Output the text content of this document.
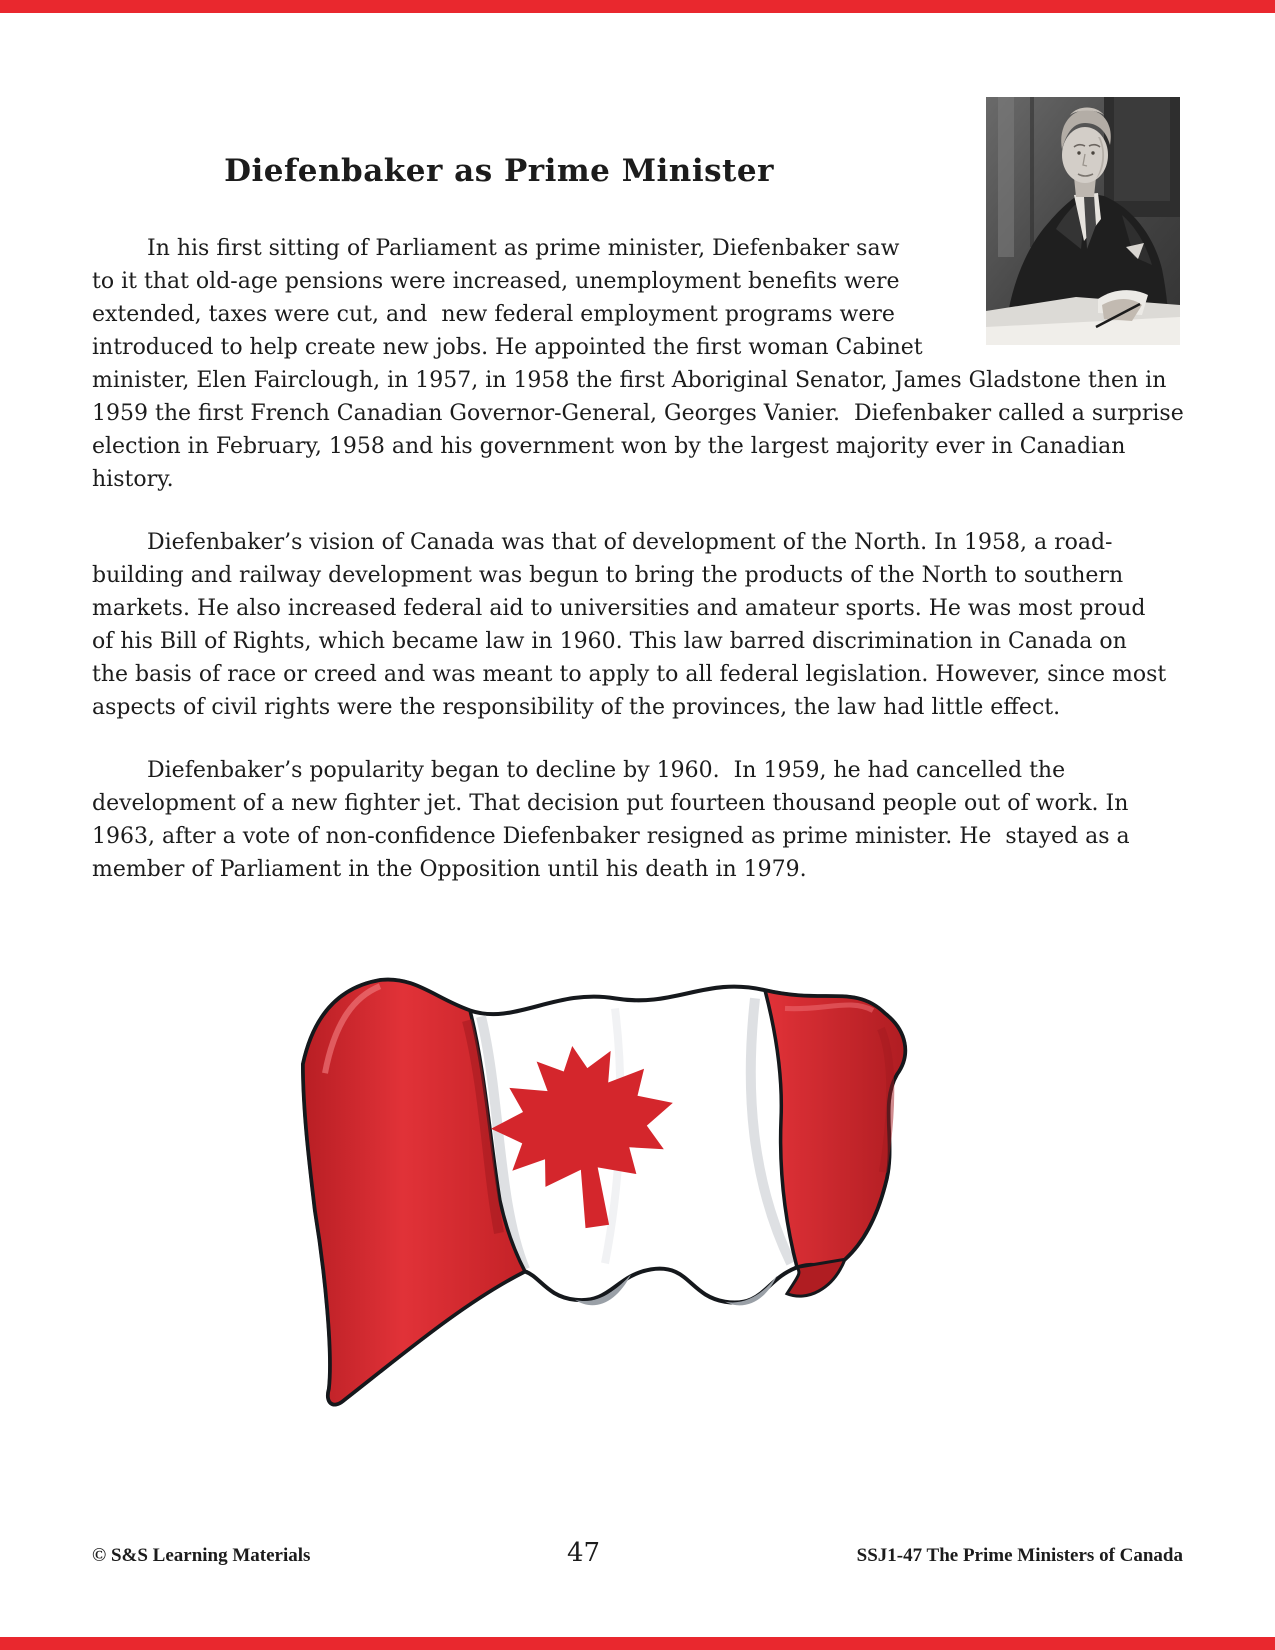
Diefenbaker as Prime Minister
In his first sitting of Parliament as prime minister, Diefenbaker saw
to it that old-age pensions were increased, unemployment benefits were
extended, taxes were cut, and  new federal employment programs were
introduced to help create new jobs. He appointed the first woman Cabinet
minister, Elen Fairclough, in 1957, in 1958 the first Aboriginal Senator, James Gladstone then in
1959 the first French Canadian Governor-General, Georges Vanier.  Diefenbaker called a surprise
election in February, 1958 and his government won by the largest majority ever in Canadian
history.
Diefenbaker’s vision of Canada was that of development of the North. In 1958, a road-
building and railway development was begun to bring the products of the North to southern
markets. He also increased federal aid to universities and amateur sports. He was most proud
of his Bill of Rights, which became law in 1960. This law barred discrimination in Canada on
the basis of race or creed and was meant to apply to all federal legislation. However, since most
aspects of civil rights were the responsibility of the provinces, the law had little effect.
Diefenbaker’s popularity began to decline by 1960.  In 1959, he had cancelled the
development of a new fighter jet. That decision put fourteen thousand people out of work. In
1963, after a vote of non-confidence Diefenbaker resigned as prime minister. He  stayed as a
member of Parliament in the Opposition until his death in 1979.
© S&S Learning Materials	47	SSJ1-47 The Prime Ministers of Canada
